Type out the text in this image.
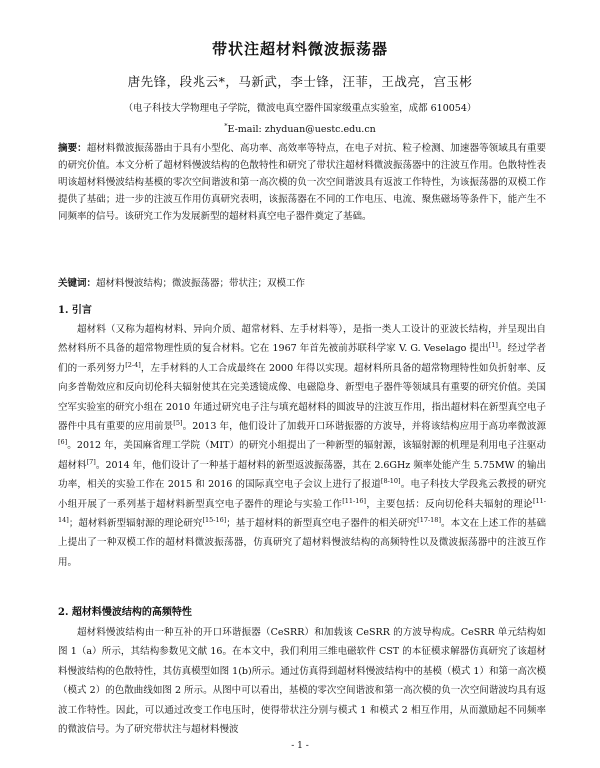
带状注超材料微波振荡器
唐先锋，段兆云*，马新武，李士锋，汪菲，王战亮，宫玉彬
（电子科技大学物理电子学院，微波电真空器件国家级重点实验室，成都 610054）
*E-mail: zhyduan@uestc.edu.cn
摘要：超材料微波振荡器由于具有小型化、高功率、高效率等特点，在电子对抗、粒子检测、加速器等领域具有重要的研究价值。本文分析了超材料慢波结构的色散特性和研究了带状注超材料微波振荡器中的注波互作用。色散特性表明该超材料慢波结构基模的零次空间谐波和第一高次模的负一次空间谐波具有返波工作特性，为该振荡器的双模工作提供了基础；进一步的注波互作用仿真研究表明，该振荡器在不同的工作电压、电流、聚焦磁场等条件下，能产生不同频率的信号。该研究工作为发展新型的超材料真空电子器件奠定了基础。
关键词：超材料慢波结构；微波振荡器；带状注；双模工作
1. 引言
超材料（又称为超构材料、异向介质、超常材料、左手材料等），是指一类人工设计的亚波长结构，并呈现出自然材料所不具备的超常物理性质的复合材料。它在 1967 年首先被前苏联科学家 V. G. Veselago 提出[1]。经过学者们的一系列努力[2-4]，左手材料的人工合成最终在 2000 年得以实现。超材料所具备的超常物理特性如负折射率、反向多普勒效应和反向切伦科夫辐射使其在完美透镜成像、电磁隐身、新型电子器件等领域具有重要的研究价值。美国空军实验室的研究小组在 2010 年通过研究电子注与填充超材料的圆波导的注波互作用，指出超材料在新型真空电子器件中具有重要的应用前景[5]。2013 年，他们设计了加载开口环谐振器的方波导，并将该结构应用于高功率微波源[6]。2012 年，美国麻省理工学院（MIT）的研究小组提出了一种新型的辐射源，该辐射源的机理是利用电子注驱动超材料[7]。2014 年，他们设计了一种基于超材料的新型返波振荡器，其在 2.6GHz 频率处能产生 5.75MW 的输出功率，相关的实验工作在 2015 和 2016 的国际真空电子会议上进行了报道[8-10]。电子科技大学段兆云教授的研究小组开展了一系列基于超材料新型真空电子器件的理论与实验工作[11-16]，主要包括：反向切伦科夫辐射的理论[11-14]；超材料新型辐射源的理论研究[15-16]；基于超材料的新型真空电子器件的相关研究[17-18]。本文在上述工作的基础上提出了一种双模工作的超材料微波振荡器，仿真研究了超材料慢波结构的高频特性以及微波振荡器中的注波互作用。
2. 超材料慢波结构的高频特性
超材料慢波结构由一种互补的开口环谐振器（CeSRR）和加载该 CeSRR 的方波导构成。CeSRR 单元结构如图 1（a）所示，其结构参数见文献 16。在本文中，我们利用三维电磁软件 CST 的本征模求解器仿真研究了该超材料慢波结构的色散特性，其仿真模型如图 1(b)所示。通过仿真得到超材料慢波结构中的基模（模式 1）和第一高次模（模式 2）的色散曲线如图 2 所示。从图中可以看出，基模的零次空间谐波和第一高次模的负一次空间谐波均具有返波工作特性。因此，可以通过改变工作电压时，使得带状注分别与模式 1 和模式 2 相互作用，从而激励起不同频率的微波信号。为了研究带状注与超材料慢波
- 1 -
